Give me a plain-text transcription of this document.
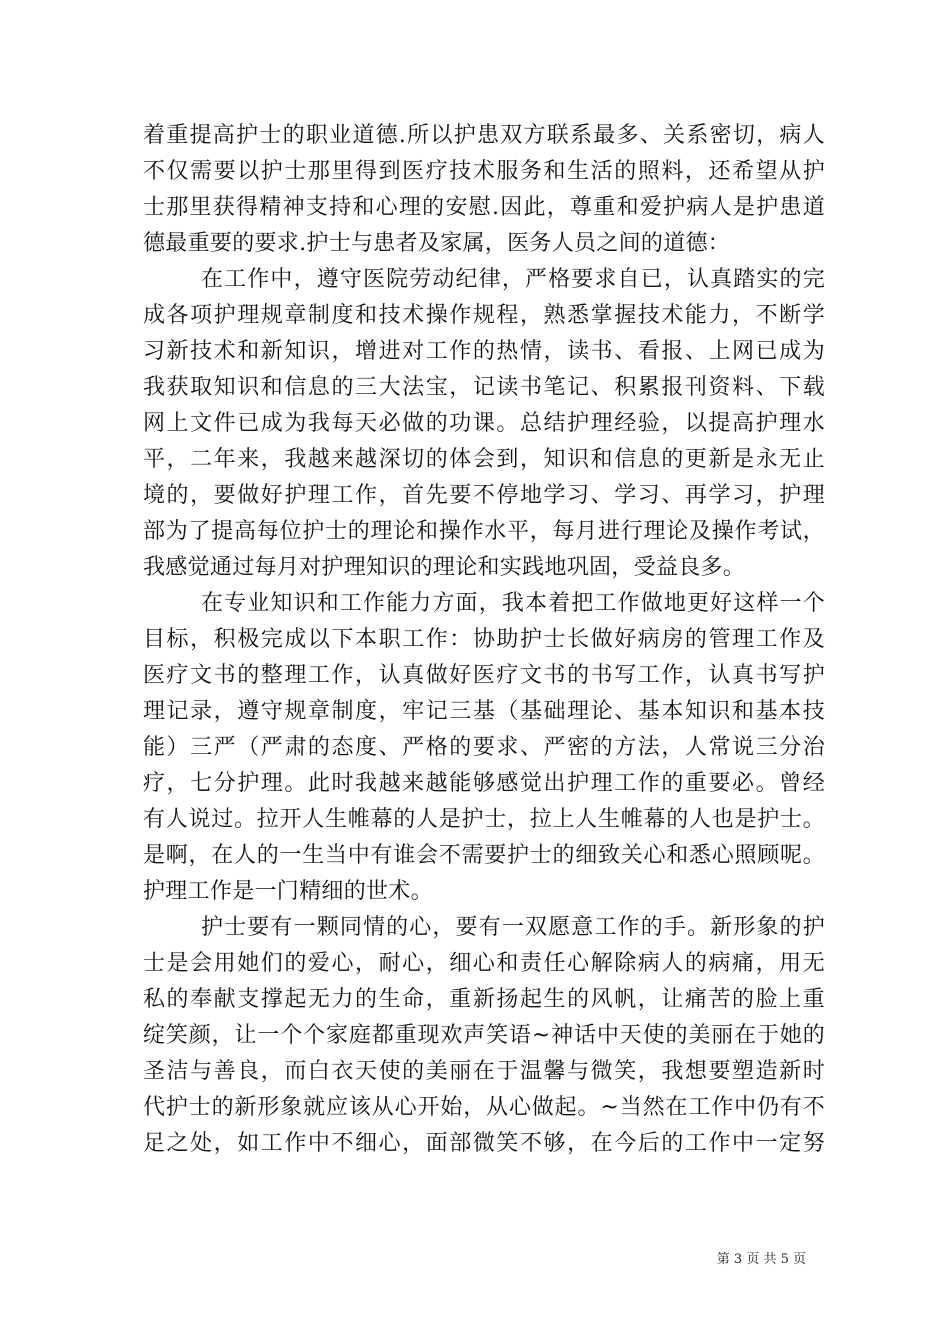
着重提高护士的职业道德.所以护患双方联系最多、关系密切，病人
不仅需要以护士那里得到医疗技术服务和生活的照料，还希望从护
士那里获得精神支持和心理的安慰.因此，尊重和爱护病人是护患道
德最重要的要求.护士与患者及家属，医务人员之间的道德：
在工作中，遵守医院劳动纪律，严格要求自已，认真踏实的完
成各项护理规章制度和技术操作规程，熟悉掌握技术能力，不断学
习新技术和新知识，增进对工作的热情，读书、看报、上网已成为
我获取知识和信息的三大法宝，记读书笔记、积累报刊资料、下载
网上文件已成为我每天必做的功课。总结护理经验，以提高护理水
平，二年来，我越来越深切的体会到，知识和信息的更新是永无止
境的，要做好护理工作，首先要不停地学习、学习、再学习，护理
部为了提高每位护士的理论和操作水平，每月进行理论及操作考试，
我感觉通过每月对护理知识的理论和实践地巩固，受益良多。
在专业知识和工作能力方面，我本着把工作做地更好这样一个
目标，积极完成以下本职工作：协助护士长做好病房的管理工作及
医疗文书的整理工作，认真做好医疗文书的书写工作，认真书写护
理记录，遵守规章制度，牢记三基（基础理论、基本知识和基本技
能）三严（严肃的态度、严格的要求、严密的方法，人常说三分治
疗，七分护理。此时我越来越能够感觉出护理工作的重要必。曾经
有人说过。拉开人生帷幕的人是护士，拉上人生帷幕的人也是护士。
是啊，在人的一生当中有谁会不需要护士的细致关心和悉心照顾呢。
护理工作是一门精细的世术。
护士要有一颗同情的心，要有一双愿意工作的手。新形象的护
士是会用她们的爱心，耐心，细心和责任心解除病人的病痛，用无
私的奉献支撑起无力的生命，重新扬起生的风帆，让痛苦的脸上重
绽笑颜，让一个个家庭都重现欢声笑语~神话中天使的美丽在于她的
圣洁与善良，而白衣天使的美丽在于温馨与微笑，我想要塑造新时
代护士的新形象就应该从心开始，从心做起。~当然在工作中仍有不
足之处，如工作中不细心，面部微笑不够，在今后的工作中一定努
第 3 页 共 5 页
